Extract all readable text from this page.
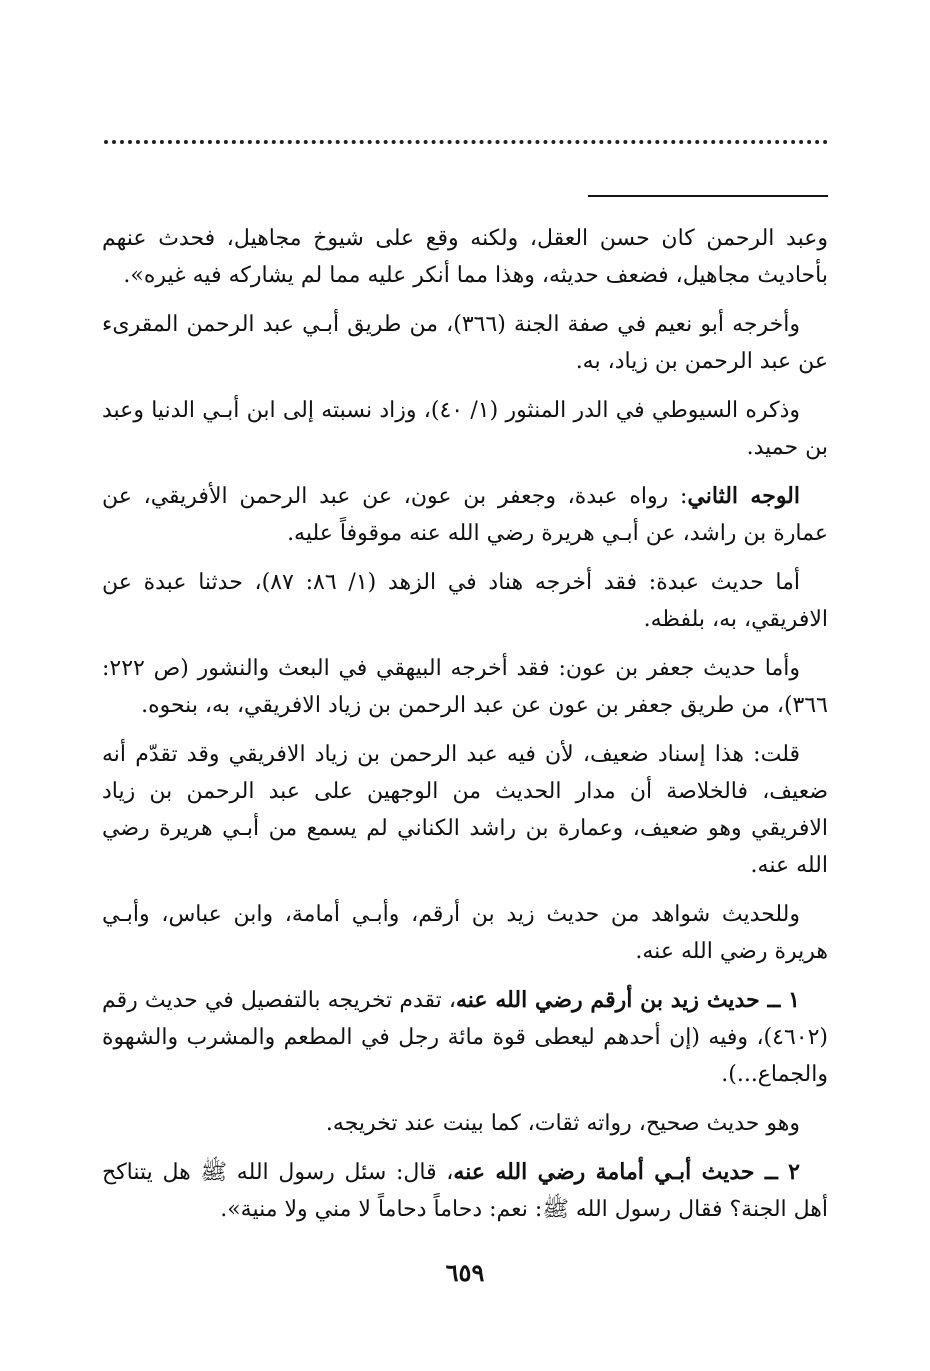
وعبد الرحمن كان حسن العقل، ولكنه وقع على شيوخ مجاهيل، فحدث عنهم بأحاديث مجاهيل، فضعف حديثه، وهذا مما أنكر عليه مما لم يشاركه فيه غيره».

وأخرجه أبو نعيم في صفة الجنة (٣٦٦)، من طريق أبـي عبد الرحمن المقرىء عن عبد الرحمن بن زياد، به.

وذكره السيوطي في الدر المنثور (١/ ٤٠)، وزاد نسبته إلى ابن أبـي الدنيا وعبد بن حميد.

الوجه الثاني: رواه عبدة، وجعفر بن عون، عن عبد الرحمن الأفريقي، عن عمارة بن راشد، عن أبـي هريرة رضي الله عنه موقوفاً عليه.

أما حديث عبدة: فقد أخرجه هناد في الزهد (١/ ٨٦: ٨٧)، حدثنا عبدة عن الافريقي، به، بلفظه.

وأما حديث جعفر بن عون: فقد أخرجه البيهقي في البعث والنشور (ص ٢٢٢: ٣٦٦)، من طريق جعفر بن عون عن عبد الرحمن بن زياد الافريقي، به، بنحوه.

قلت: هذا إسناد ضعيف، لأن فيه عبد الرحمن بن زياد الافريقي وقد تقدّم أنه ضعيف، فالخلاصة أن مدار الحديث من الوجهين على عبد الرحمن بن زياد الافريقي وهو ضعيف، وعمارة بن راشد الكناني لم يسمع من أبـي هريرة رضي الله عنه.

وللحديث شواهد من حديث زيد بن أرقم، وأبـي أمامة، وابن عباس، وأبـي هريرة رضي الله عنه.

١ ــ حديث زيد بن أرقم رضي الله عنه، تقدم تخريجه بالتفصيل في حديث رقم (٤٦٠٢)، وفيه (إن أحدهم ليعطى قوة مائة رجل في المطعم والمشرب والشهوة والجماع...).

وهو حديث صحيح، رواته ثقات، كما بينت عند تخريجه.

٢ ــ حديث أبـي أمامة رضي الله عنه، قال: سئل رسول الله ﷺ هل يتناكح أهل الجنة؟ فقال رسول الله ﷺ: نعم: دحاماً دحاماً لا مني ولا منية».

٦٥٩
